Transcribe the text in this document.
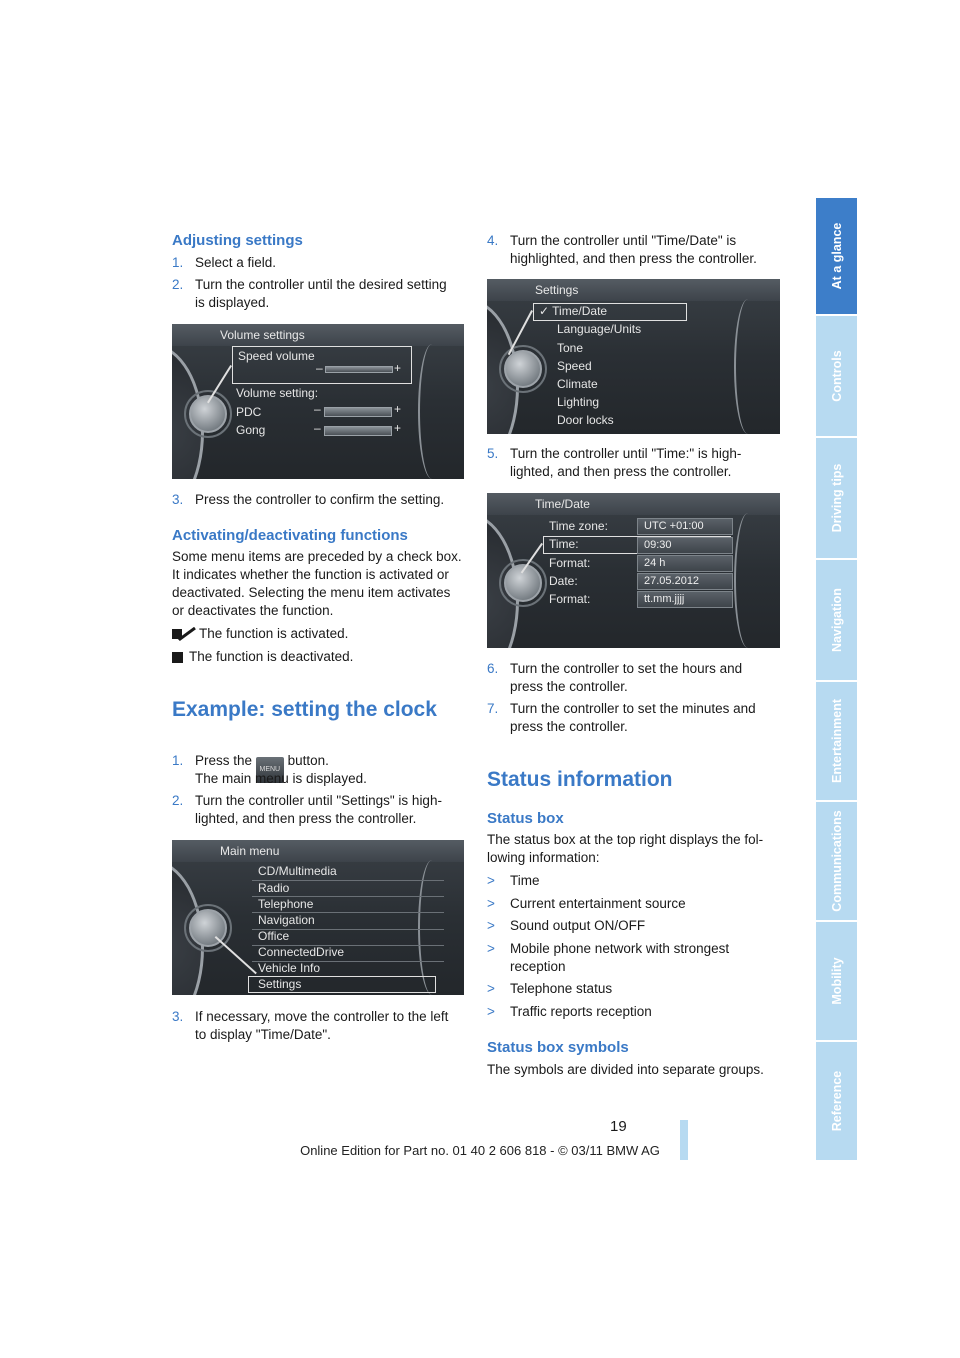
Adjusting settings
1. Select a field.
2. Turn the controller until the desired setting
is displayed.
Volume settings
Speed volume
–	+
Volume setting:
PDC	–	+
Gong	–	+
3. Press the controller to confirm the setting.
Activating/deactivating functions
Some menu items are preceded by a check box.
It indicates whether the function is activated or
deactivated. Selecting the menu item activates
or deactivates the function.
The function is activated.
The function is deactivated.
Example: setting the clock
1. Press the MENU button.
The main menu is displayed.
2. Turn the controller until "Settings" is high-
lighted, and then press the controller.
Main menu
CD/Multimedia
Radio
Telephone
Navigation
Office
ConnectedDrive
Vehicle Info
Settings
3. If necessary, move the controller to the left
to display "Time/Date".
4. Turn the controller until "Time/Date" is
highlighted, and then press the controller.
Settings
✓ Time/Date
Language/Units
Tone
Speed
Climate
Lighting
Door locks
5. Turn the controller until "Time:" is high-
lighted, and then press the controller.
Time/Date
Time zone:	UTC +01:00
Time:	09:30
Format:	24 h
Date:	27.05.2012
Format:	tt.mm.jjjj
6. Turn the controller to set the hours and
press the controller.
7. Turn the controller to set the minutes and
press the controller.
Status information
Status box
The status box at the top right displays the fol-
lowing information:
> Time
> Current entertainment source
> Sound output ON/OFF
> Mobile phone network with strongest
reception
> Telephone status
> Traffic reports reception
Status box symbols
The symbols are divided into separate groups.
At a glance
Controls
Driving tips
Navigation
Entertainment
Communications
Mobility
Reference
19
Online Edition for Part no. 01 40 2 606 818 - © 03/11 BMW AG
